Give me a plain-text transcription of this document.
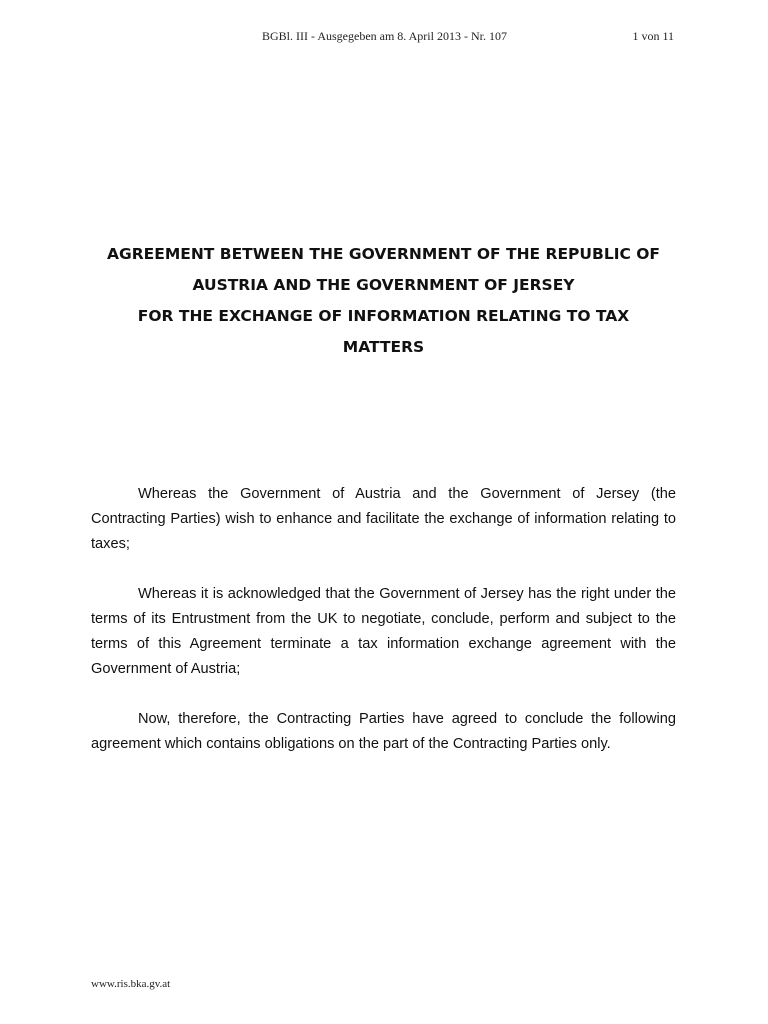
BGBl. III - Ausgegeben am 8. April 2013 - Nr. 107	1 von 11
AGREEMENT BETWEEN THE GOVERNMENT OF THE REPUBLIC OF
AUSTRIA AND THE GOVERNMENT OF JERSEY
FOR THE EXCHANGE OF INFORMATION RELATING TO TAX
MATTERS

Whereas the Government of Austria and the Government of Jersey (the Contracting Parties) wish to enhance and facilitate the exchange of information relating to taxes;

Whereas it is acknowledged that the Government of Jersey has the right under the terms of its Entrustment from the UK to negotiate, conclude, perform and subject to the terms of this Agreement terminate a tax information exchange agreement with the Government of Austria;

Now, therefore, the Contracting Parties have agreed to conclude the following agreement which contains obligations on the part of the Contracting Parties only.

www.ris.bka.gv.at
